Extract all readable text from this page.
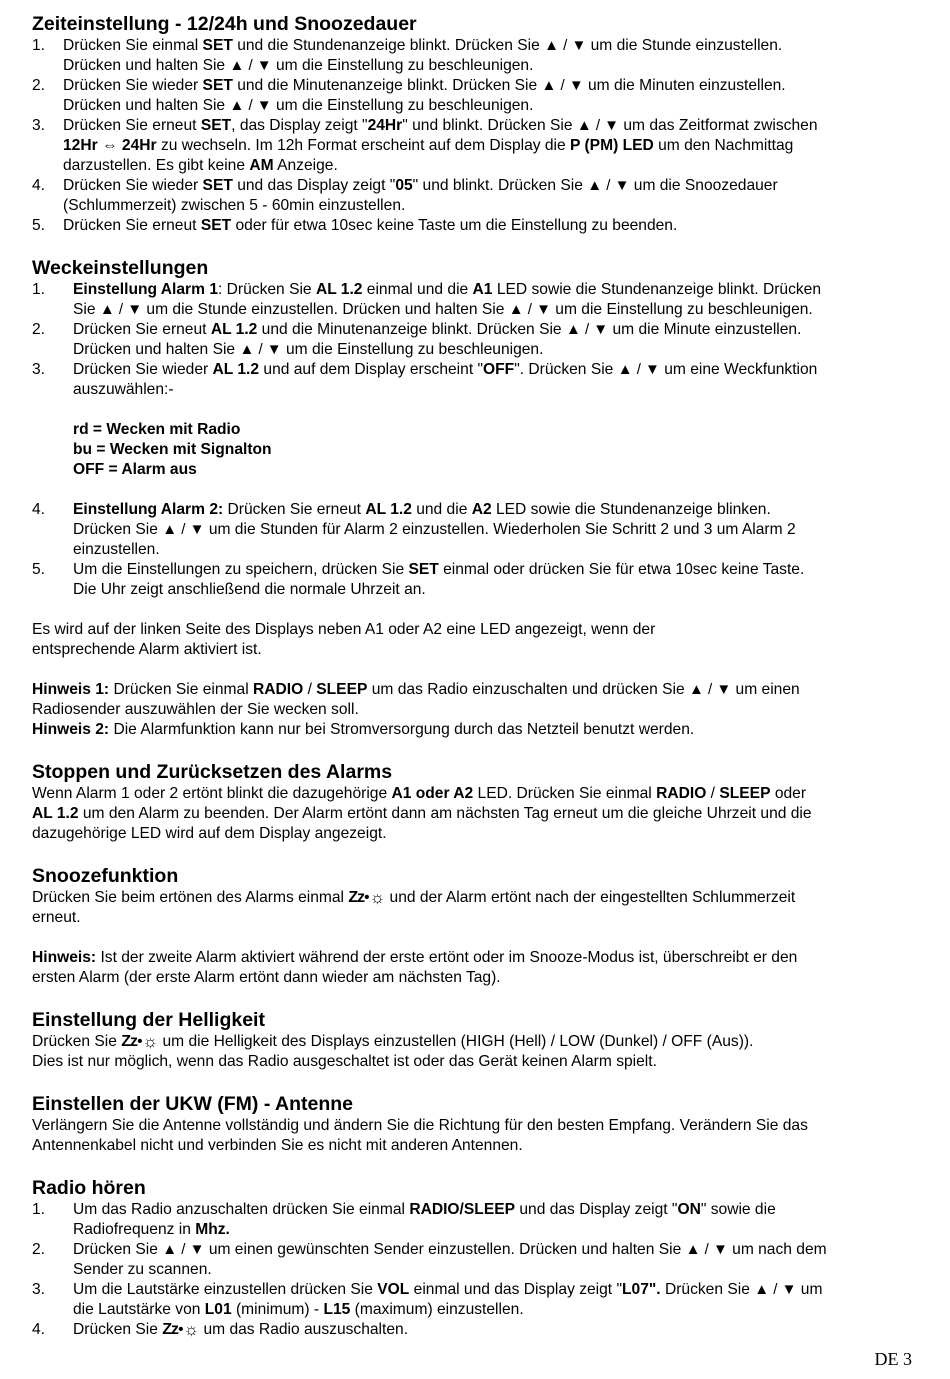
Zeiteinstellung - 12/24h und Snoozedauer
1. Drücken Sie einmal SET und die Stundenanzeige blinkt. Drücken Sie ▲ / ▼ um die Stunde einzustellen.
Drücken und halten Sie ▲ / ▼ um die Einstellung zu beschleunigen.
2. Drücken Sie wieder SET und die Minutenanzeige blinkt. Drücken Sie ▲ / ▼ um die Minuten einzustellen.
Drücken und halten Sie ▲ / ▼ um die Einstellung zu beschleunigen.
3. Drücken Sie erneut SET, das Display zeigt "24Hr" und blinkt. Drücken Sie ▲ / ▼ um das Zeitformat zwischen
12Hr ⇔ 24Hr zu wechseln. Im 12h Format erscheint auf dem Display die P (PM) LED um den Nachmittag
darzustellen. Es gibt keine AM Anzeige.
4. Drücken Sie wieder SET und das Display zeigt "05" und blinkt. Drücken Sie ▲ / ▼ um die Snoozedauer
(Schlummerzeit) zwischen 5 - 60min einzustellen.
5. Drücken Sie erneut SET oder für etwa 10sec keine Taste um die Einstellung zu beenden.
Weckeinstellungen
1. Einstellung Alarm 1: Drücken Sie AL 1.2 einmal und die A1 LED sowie die Stundenanzeige blinkt. Drücken
Sie ▲ / ▼ um die Stunde einzustellen. Drücken und halten Sie ▲ / ▼ um die Einstellung zu beschleunigen.
2. Drücken Sie erneut AL 1.2 und die Minutenanzeige blinkt. Drücken Sie ▲ / ▼ um die Minute einzustellen.
Drücken und halten Sie ▲ / ▼ um die Einstellung zu beschleunigen.
3. Drücken Sie wieder AL 1.2 und auf dem Display erscheint "OFF". Drücken Sie ▲ / ▼ um eine Weckfunktion
auszuwählen:-
rd = Wecken mit Radio
bu = Wecken mit Signalton
OFF = Alarm aus
4. Einstellung Alarm 2: Drücken Sie erneut AL 1.2 und die A2 LED sowie die Stundenanzeige blinken.
Drücken Sie ▲ / ▼ um die Stunden für Alarm 2 einzustellen. Wiederholen Sie Schritt 2 und 3 um Alarm 2
einzustellen.
5. Um die Einstellungen zu speichern, drücken Sie SET einmal oder drücken Sie für etwa 10sec keine Taste.
Die Uhr zeigt anschließend die normale Uhrzeit an.

Es wird auf der linken Seite des Displays neben A1 oder A2 eine LED angezeigt, wenn der
entsprechende Alarm aktiviert ist.

Hinweis 1: Drücken Sie einmal RADIO / SLEEP um das Radio einzuschalten und drücken Sie ▲ / ▼ um einen
Radiosender auszuwählen der Sie wecken soll.

Hinweis 2: Die Alarmfunktion kann nur bei Stromversorgung durch das Netzteil benutzt werden.

Stoppen und Zurücksetzen des Alarms

Wenn Alarm 1 oder 2 ertönt blinkt die dazugehörige A1 oder A2 LED. Drücken Sie einmal RADIO / SLEEP oder
AL 1.2 um den Alarm zu beenden. Der Alarm ertönt dann am nächsten Tag erneut um die gleiche Uhrzeit und die
dazugehörige LED wird auf dem Display angezeigt.

Snoozefunktion

Drücken Sie beim ertönen des Alarms einmal Zz•☼ und der Alarm ertönt nach der eingestellten Schlummerzeit
erneut.

Hinweis: Ist der zweite Alarm aktiviert während der erste ertönt oder im Snooze-Modus ist, überschreibt er den
ersten Alarm (der erste Alarm ertönt dann wieder am nächsten Tag).

Einstellung der Helligkeit

Drücken Sie Zz•☼ um die Helligkeit des Displays einzustellen (HIGH (Hell) / LOW (Dunkel) / OFF (Aus)).
Dies ist nur möglich, wenn das Radio ausgeschaltet ist oder das Gerät keinen Alarm spielt.

Einstellen der UKW (FM) - Antenne

Verlängern Sie die Antenne vollständig und ändern Sie die Richtung für den besten Empfang. Verändern Sie das
Antennenkabel nicht und verbinden Sie es nicht mit anderen Antennen.

Radio hören
1. Um das Radio anzuschalten drücken Sie einmal RADIO/SLEEP und das Display zeigt "ON" sowie die
Radiofrequenz in Mhz.
2. Drücken Sie ▲ / ▼ um einen gewünschten Sender einzustellen. Drücken und halten Sie ▲ / ▼ um nach dem
Sender zu scannen.
3. Um die Lautstärke einzustellen drücken Sie VOL einmal und das Display zeigt "L07". Drücken Sie ▲ / ▼ um
die Lautstärke von L01 (minimum) - L15 (maximum) einzustellen.
4. Drücken Sie Zz•☼ um das Radio auszuschalten.
DE 3
